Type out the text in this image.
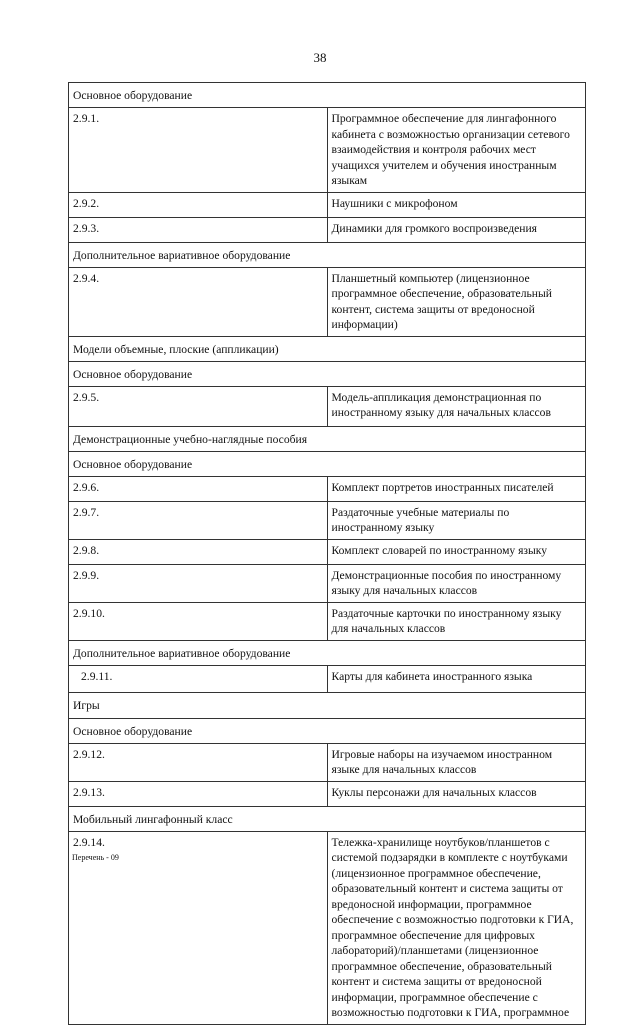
38
Основное оборудование	
2.9.1.	Программное обеспечение для лингафонного кабинета с возможностью организации сетевого взаимодействия и контроля рабочих мест учащихся учителем и обучения иностранным языкам
2.9.2.	Наушники с микрофоном
2.9.3.	Динамики для громкого воспроизведения
Дополнительное вариативное оборудование	
2.9.4.	Планшетный компьютер (лицензионное программное обеспечение, образовательный контент, система защиты от вредоносной информации)
Модели объемные, плоские (аппликации)	
Основное оборудование	
2.9.5.	Модель-аппликация демонстрационная по иностранному языку для начальных классов
Демонстрационные учебно-наглядные пособия	
Основное оборудование	
2.9.6.	Комплект портретов иностранных писателей
2.9.7.	Раздаточные учебные материалы по иностранному языку
2.9.8.	Комплект словарей по иностранному языку
2.9.9.	Демонстрационные пособия по иностранному языку для начальных классов
2.9.10.	Раздаточные карточки по иностранному языку для начальных классов
Дополнительное вариативное оборудование	
2.9.11.	Карты для кабинета иностранного языка
Игры	
Основное оборудование	
2.9.12.	Игровые наборы на изучаемом иностранном языке для начальных классов
2.9.13.	Куклы персонажи для начальных классов
Мобильный лингафонный класс	
2.9.14.	Тележка-хранилище ноутбуков/планшетов с системой подзарядки в комплекте с ноутбуками (лицензионное программное обеспечение, образовательный контент и система защиты от вредоносной информации, программное обеспечение с возможностью подготовки к ГИА, программное обеспечение для цифровых лабораторий)/планшетами (лицензионное программное обеспечение, образовательный контент и система защиты от вредоносной информации, программное обеспечение с возможностью подготовки к ГИА, программное
Перечень - 09
